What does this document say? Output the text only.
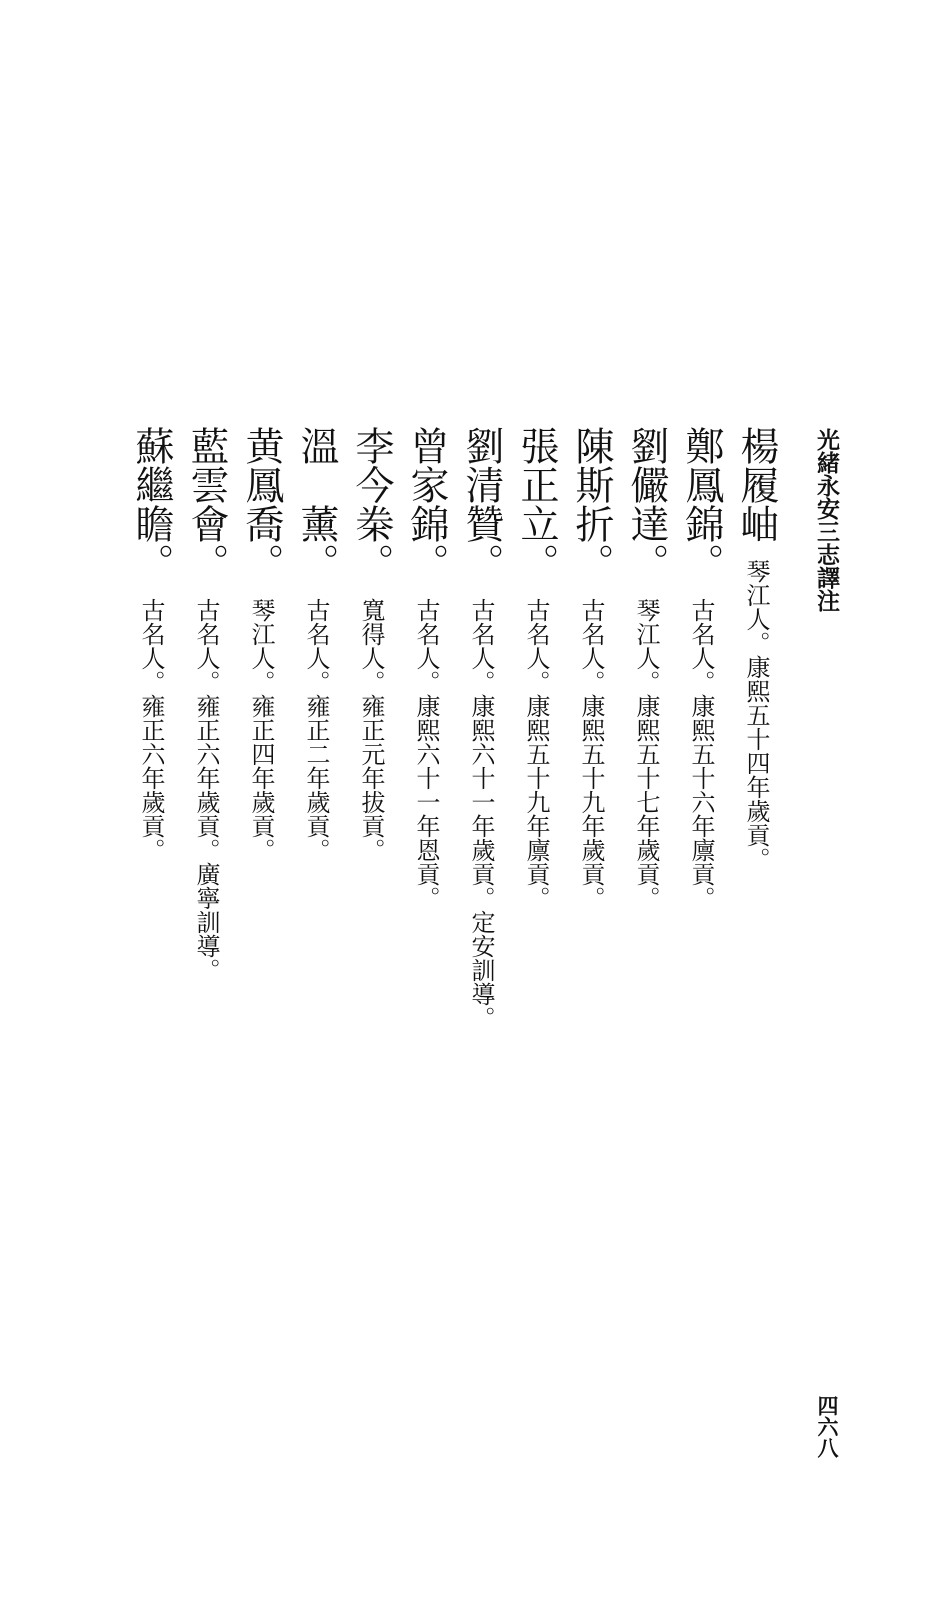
光緒永安三志譯注
楊履岫琴江人。康熙五十四年歲貢。
鄭鳳錦。古名人。康熙五十六年廪貢。
劉儼達。琴江人。康熙五十七年歲貢。
陳斯折。古名人。康熙五十九年歲貢。
張正立。古名人。康熙五十九年廪貢。
劉清贊。古名人。康熙六十一年歲貢。定安訓導。
曾家錦。古名人。康熙六十一年恩貢。
李今桊。寬得人。雍正元年拔貢。
溫　薰。古名人。雍正二年歲貢。
黄鳳喬。琴江人。雍正四年歲貢。
藍雲會。古名人。雍正六年歲貢。廣寧訓導。
蘇繼瞻。古名人。雍正六年歲貢。
四六八
